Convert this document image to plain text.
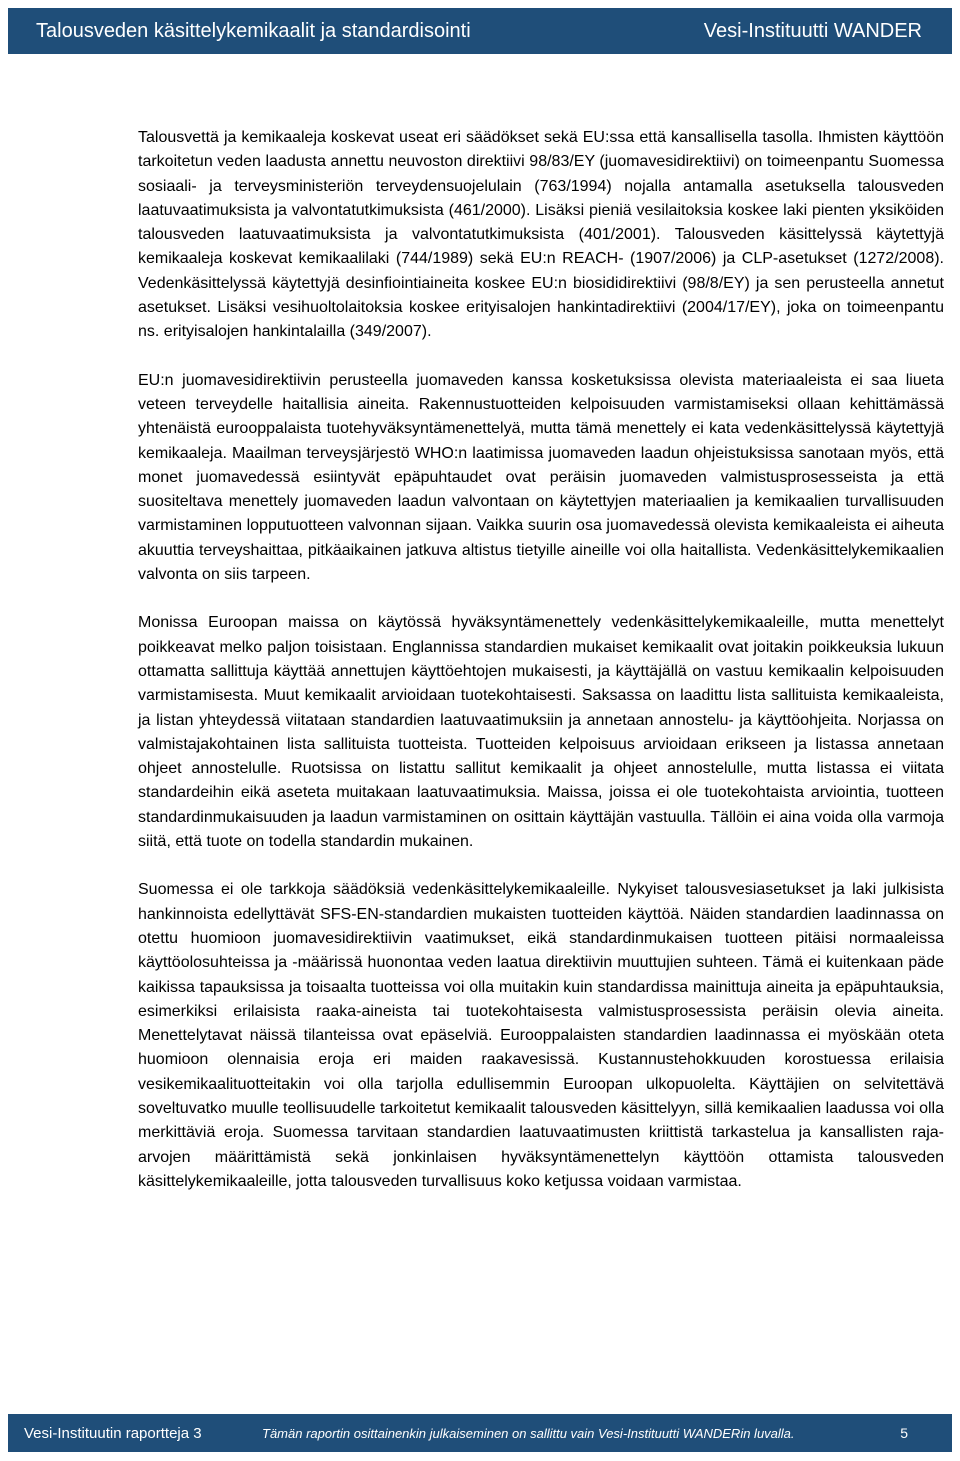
Talousveden käsittelykemikaalit ja standardisointi	Vesi-Instituutti WANDER

Talousvettä ja kemikaaleja koskevat useat eri säädökset sekä EU:ssa että kansallisella tasolla. Ihmisten käyttöön tarkoitetun veden laadusta annettu neuvoston direktiivi 98/83/EY (juomavesidirektiivi) on toimeenpantu Suomessa sosiaali- ja terveysministeriön terveydensuojelulain (763/1994) nojalla antamalla asetuksella talousveden laatuvaatimuksista ja valvontatutkimuksista (461/2000). Lisäksi pieniä vesilaitoksia koskee laki pienten yksiköiden talousveden laatuvaatimuksista ja valvontatutkimuksista (401/2001). Talousveden käsittelyssä käytettyjä kemikaaleja koskevat kemikaalilaki (744/1989) sekä EU:n REACH- (1907/2006) ja CLP-asetukset (1272/2008). Vedenkäsittelyssä käytettyjä desinfiointiaineita koskee EU:n biosididirektiivi (98/8/EY) ja sen perusteella annetut asetukset. Lisäksi vesihuoltolaitoksia koskee erityisalojen hankintadirektiivi (2004/17/EY), joka on toimeenpantu ns. erityisalojen hankintalailla (349/2007).

EU:n juomavesidirektiivin perusteella juomaveden kanssa kosketuksissa olevista materiaaleista ei saa liueta veteen terveydelle haitallisia aineita. Rakennustuotteiden kelpoisuuden varmistamiseksi ollaan kehittämässä yhtenäistä eurooppalaista tuotehyväksyntämenettelyä, mutta tämä menettely ei kata vedenkäsittelyssä käytettyjä kemikaaleja. Maailman terveysjärjestö WHO:n laatimissa juomaveden laadun ohjeistuksissa sanotaan myös, että monet juomavedessä esiintyvät epäpuhtaudet ovat peräisin juomaveden valmistusprosesseista ja että suositeltava menettely juomaveden laadun valvontaan on käytettyjen materiaalien ja kemikaalien turvallisuuden varmistaminen lopputuotteen valvonnan sijaan. Vaikka suurin osa juomavedessä olevista kemikaaleista ei aiheuta akuuttia terveyshaittaa, pitkäaikainen jatkuva altistus tietyille aineille voi olla haitallista. Vedenkäsittelykemikaalien valvonta on siis tarpeen.

Monissa Euroopan maissa on käytössä hyväksyntämenettely vedenkäsittelykemikaaleille, mutta menettelyt poikkeavat melko paljon toisistaan. Englannissa standardien mukaiset kemikaalit ovat joitakin poikkeuksia lukuun ottamatta sallittuja käyttää annettujen käyttöehtojen mukaisesti, ja käyttäjällä on vastuu kemikaalin kelpoisuuden varmistamisesta. Muut kemikaalit arvioidaan tuotekohtaisesti. Saksassa on laadittu lista sallituista kemikaaleista, ja listan yhteydessä viitataan standardien laatuvaatimuksiin ja annetaan annostelu- ja käyttöohjeita. Norjassa on valmistajakohtainen lista sallituista tuotteista. Tuotteiden kelpoisuus arvioidaan erikseen ja listassa annetaan ohjeet annostelulle. Ruotsissa on listattu sallitut kemikaalit ja ohjeet annostelulle, mutta listassa ei viitata standardeihin eikä aseteta muitakaan laatuvaatimuksia. Maissa, joissa ei ole tuotekohtaista arviointia, tuotteen standardinmukaisuuden ja laadun varmistaminen on osittain käyttäjän vastuulla. Tällöin ei aina voida olla varmoja siitä, että tuote on todella standardin mukainen.

Suomessa ei ole tarkkoja säädöksiä vedenkäsittelykemikaaleille. Nykyiset talousvesiasetukset ja laki julkisista hankinnoista edellyttävät SFS-EN-standardien mukaisten tuotteiden käyttöä. Näiden standardien laadinnassa on otettu huomioon juomavesidirektiivin vaatimukset, eikä standardinmukaisen tuotteen pitäisi normaaleissa käyttöolosuhteissa ja -määrissä huonontaa veden laatua direktiivin muuttujien suhteen. Tämä ei kuitenkaan päde kaikissa tapauksissa ja toisaalta tuotteissa voi olla muitakin kuin standardissa mainittuja aineita ja epäpuhtauksia, esimerkiksi erilaisista raaka-aineista tai tuotekohtaisesta valmistusprosessista peräisin olevia aineita. Menettelytavat näissä tilanteissa ovat epäselviä. Eurooppalaisten standardien laadinnassa ei myöskään oteta huomioon olennaisia eroja eri maiden raakavesissä. Kustannustehokkuuden korostuessa erilaisia vesikemikaalituotteitakin voi olla tarjolla edullisemmin Euroopan ulkopuolelta. Käyttäjien on selvitettävä soveltuvatko muulle teollisuudelle tarkoitetut kemikaalit talousveden käsittelyyn, sillä kemikaalien laadussa voi olla merkittäviä eroja. Suomessa tarvitaan standardien laatuvaatimusten kriittistä tarkastelua ja kansallisten raja-arvojen määrittämistä sekä jonkinlaisen hyväksyntämenettelyn käyttöön ottamista talousveden käsittelykemikaaleille, jotta talousveden turvallisuus koko ketjussa voidaan varmistaa.

Vesi-Instituutin raportteja 3	Tämän raportin osittainenkin julkaiseminen on sallittu vain Vesi-Instituutti WANDERin luvalla.	5
